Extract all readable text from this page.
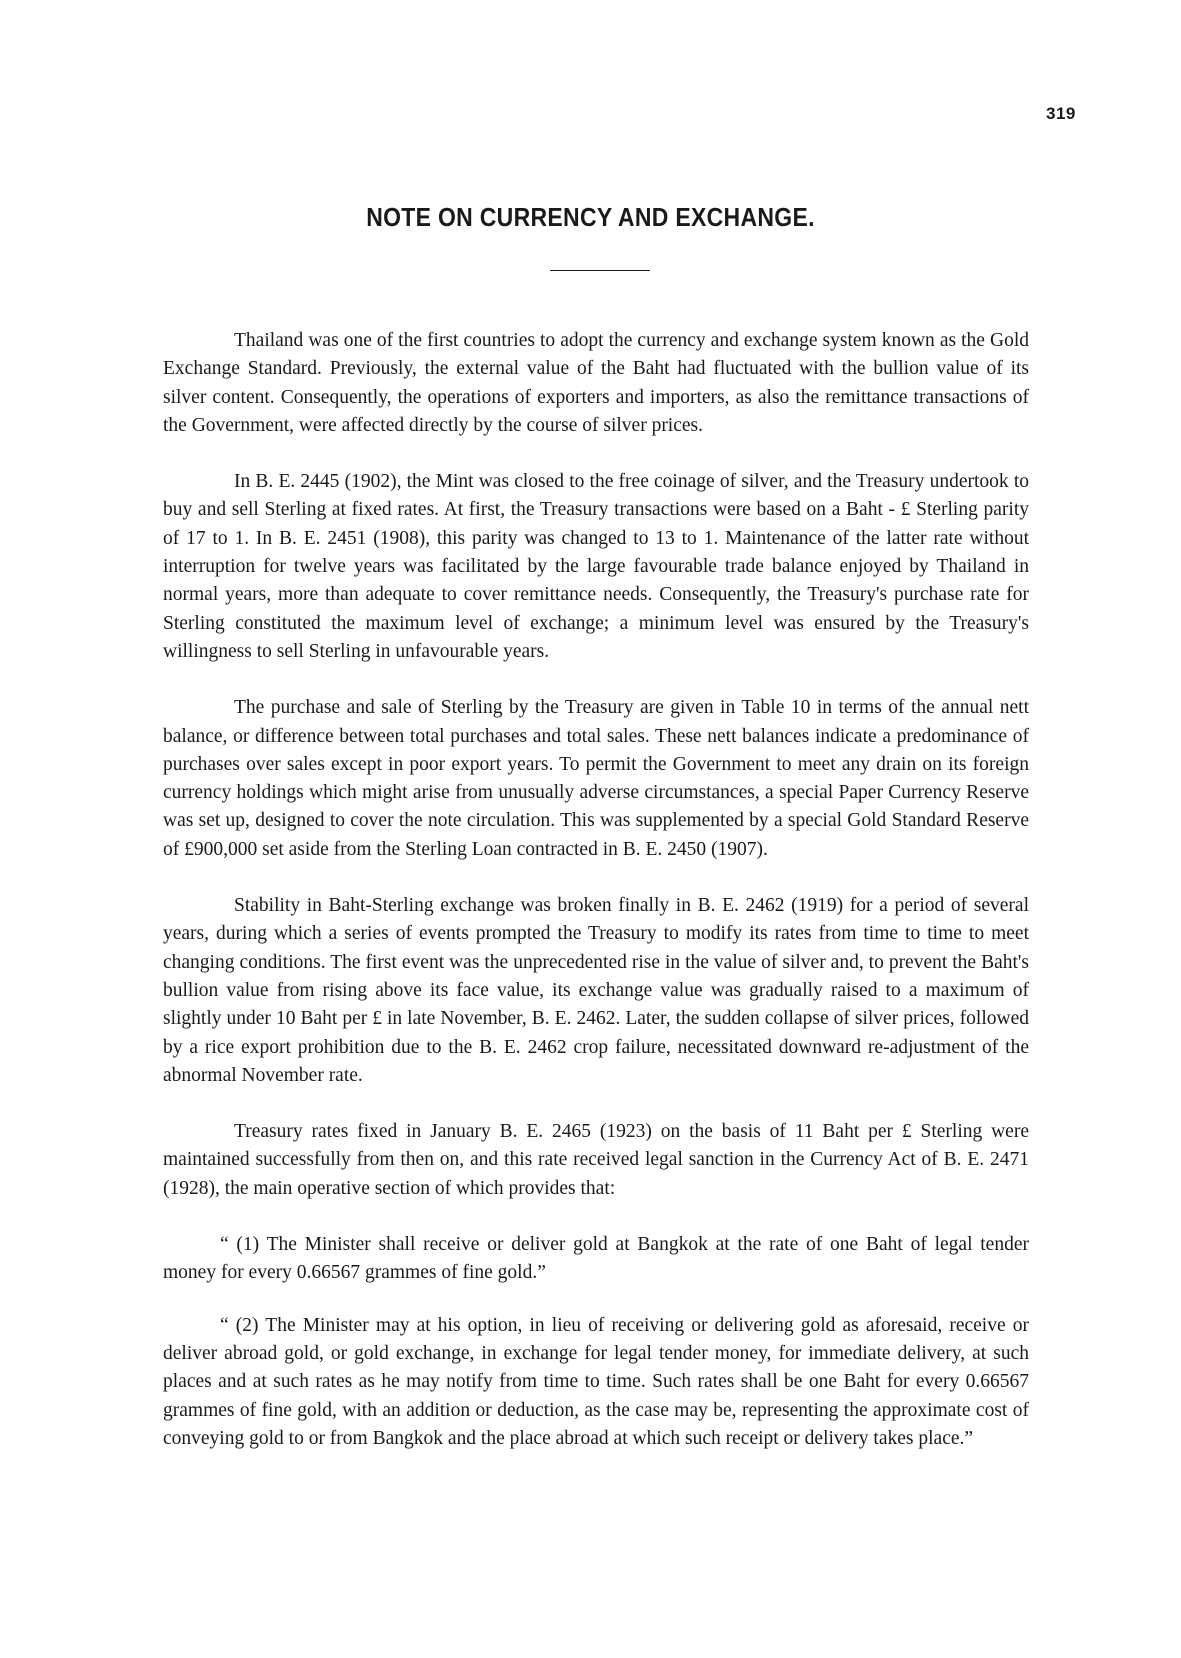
319
NOTE ON CURRENCY AND EXCHANGE.

Thailand was one of the first countries to adopt the currency and exchange system known as the Gold Exchange Standard. Previously, the external value of the Baht had fluctuated with the bullion value of its silver content. Consequently, the operations of exporters and importers, as also the remittance transactions of the Government, were affected directly by the course of silver prices.

In B. E. 2445 (1902), the Mint was closed to the free coinage of silver, and the Treasury undertook to buy and sell Sterling at fixed rates. At first, the Treasury transactions were based on a Baht - £ Sterling parity of 17 to 1. In B. E. 2451 (1908), this parity was changed to 13 to 1. Maintenance of the latter rate without interruption for twelve years was facilitated by the large favourable trade balance enjoyed by Thailand in normal years, more than adequate to cover remittance needs. Consequently, the Treasury's purchase rate for Sterling constituted the maximum level of exchange; a minimum level was ensured by the Treasury's willingness to sell Sterling in unfavourable years.

The purchase and sale of Sterling by the Treasury are given in Table 10 in terms of the annual nett balance, or difference between total purchases and total sales. These nett balances indicate a predominance of purchases over sales except in poor export years. To permit the Government to meet any drain on its foreign currency holdings which might arise from unusually adverse circumstances, a special Paper Currency Reserve was set up, designed to cover the note circulation. This was supplemented by a special Gold Standard Reserve of £900,000 set aside from the Sterling Loan contracted in B. E. 2450 (1907).

Stability in Baht-Sterling exchange was broken finally in B. E. 2462 (1919) for a period of several years, during which a series of events prompted the Treasury to modify its rates from time to time to meet changing conditions. The first event was the unprecedented rise in the value of silver and, to prevent the Baht's bullion value from rising above its face value, its exchange value was gradually raised to a maximum of slightly under 10 Baht per £ in late November, B. E. 2462. Later, the sudden collapse of silver prices, followed by a rice export prohibition due to the B. E. 2462 crop failure, necessitated downward re-adjustment of the abnormal November rate.

Treasury rates fixed in January B. E. 2465 (1923) on the basis of 11 Baht per £ Sterling were maintained successfully from then on, and this rate received legal sanction in the Currency Act of B. E. 2471 (1928), the main operative section of which provides that:

“ (1) The Minister shall receive or deliver gold at Bangkok at the rate of one Baht of legal tender money for every 0.66567 grammes of fine gold.”

“ (2) The Minister may at his option, in lieu of receiving or delivering gold as aforesaid, receive or deliver abroad gold, or gold exchange, in exchange for legal tender money, for immediate delivery, at such places and at such rates as he may notify from time to time. Such rates shall be one Baht for every 0.66567 grammes of fine gold, with an addition or deduction, as the case may be, representing the approximate cost of conveying gold to or from Bangkok and the place abroad at which such receipt or delivery takes place.”
